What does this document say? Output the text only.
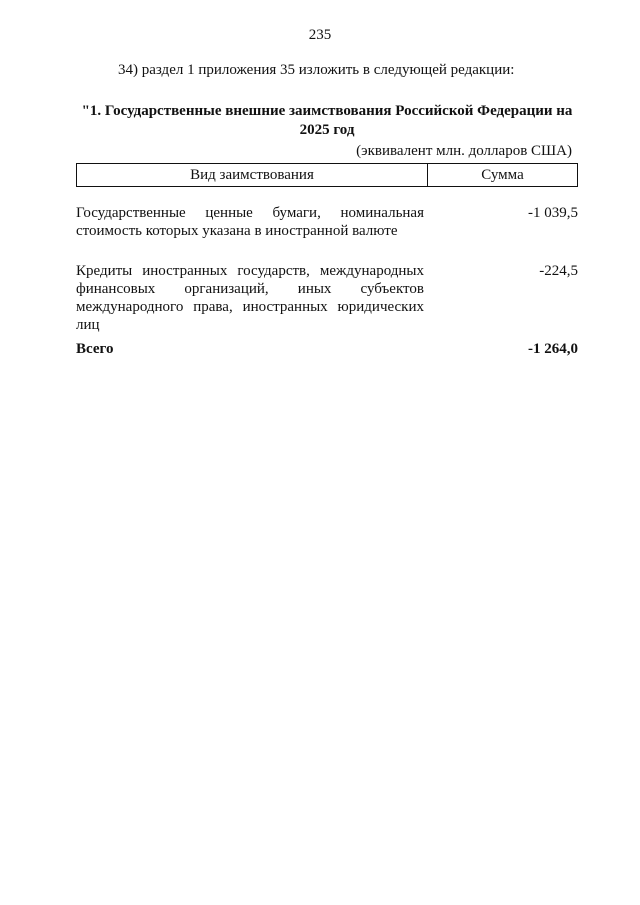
235
34) раздел 1 приложения 35 изложить в следующей редакции:
"1. Государственные внешние заимствования Российской Федерации на
2025 год
(эквивалент млн. долларов США)
Вид заимствования	Сумма
Государственные ценные бумаги, номинальная стоимость которых указана в иностранной валюте
-1 039,5
Кредиты иностранных государств, международных финансовых организаций, иных субъектов международного права, иностранных юридических лиц
-224,5
Всего	-1 264,0
